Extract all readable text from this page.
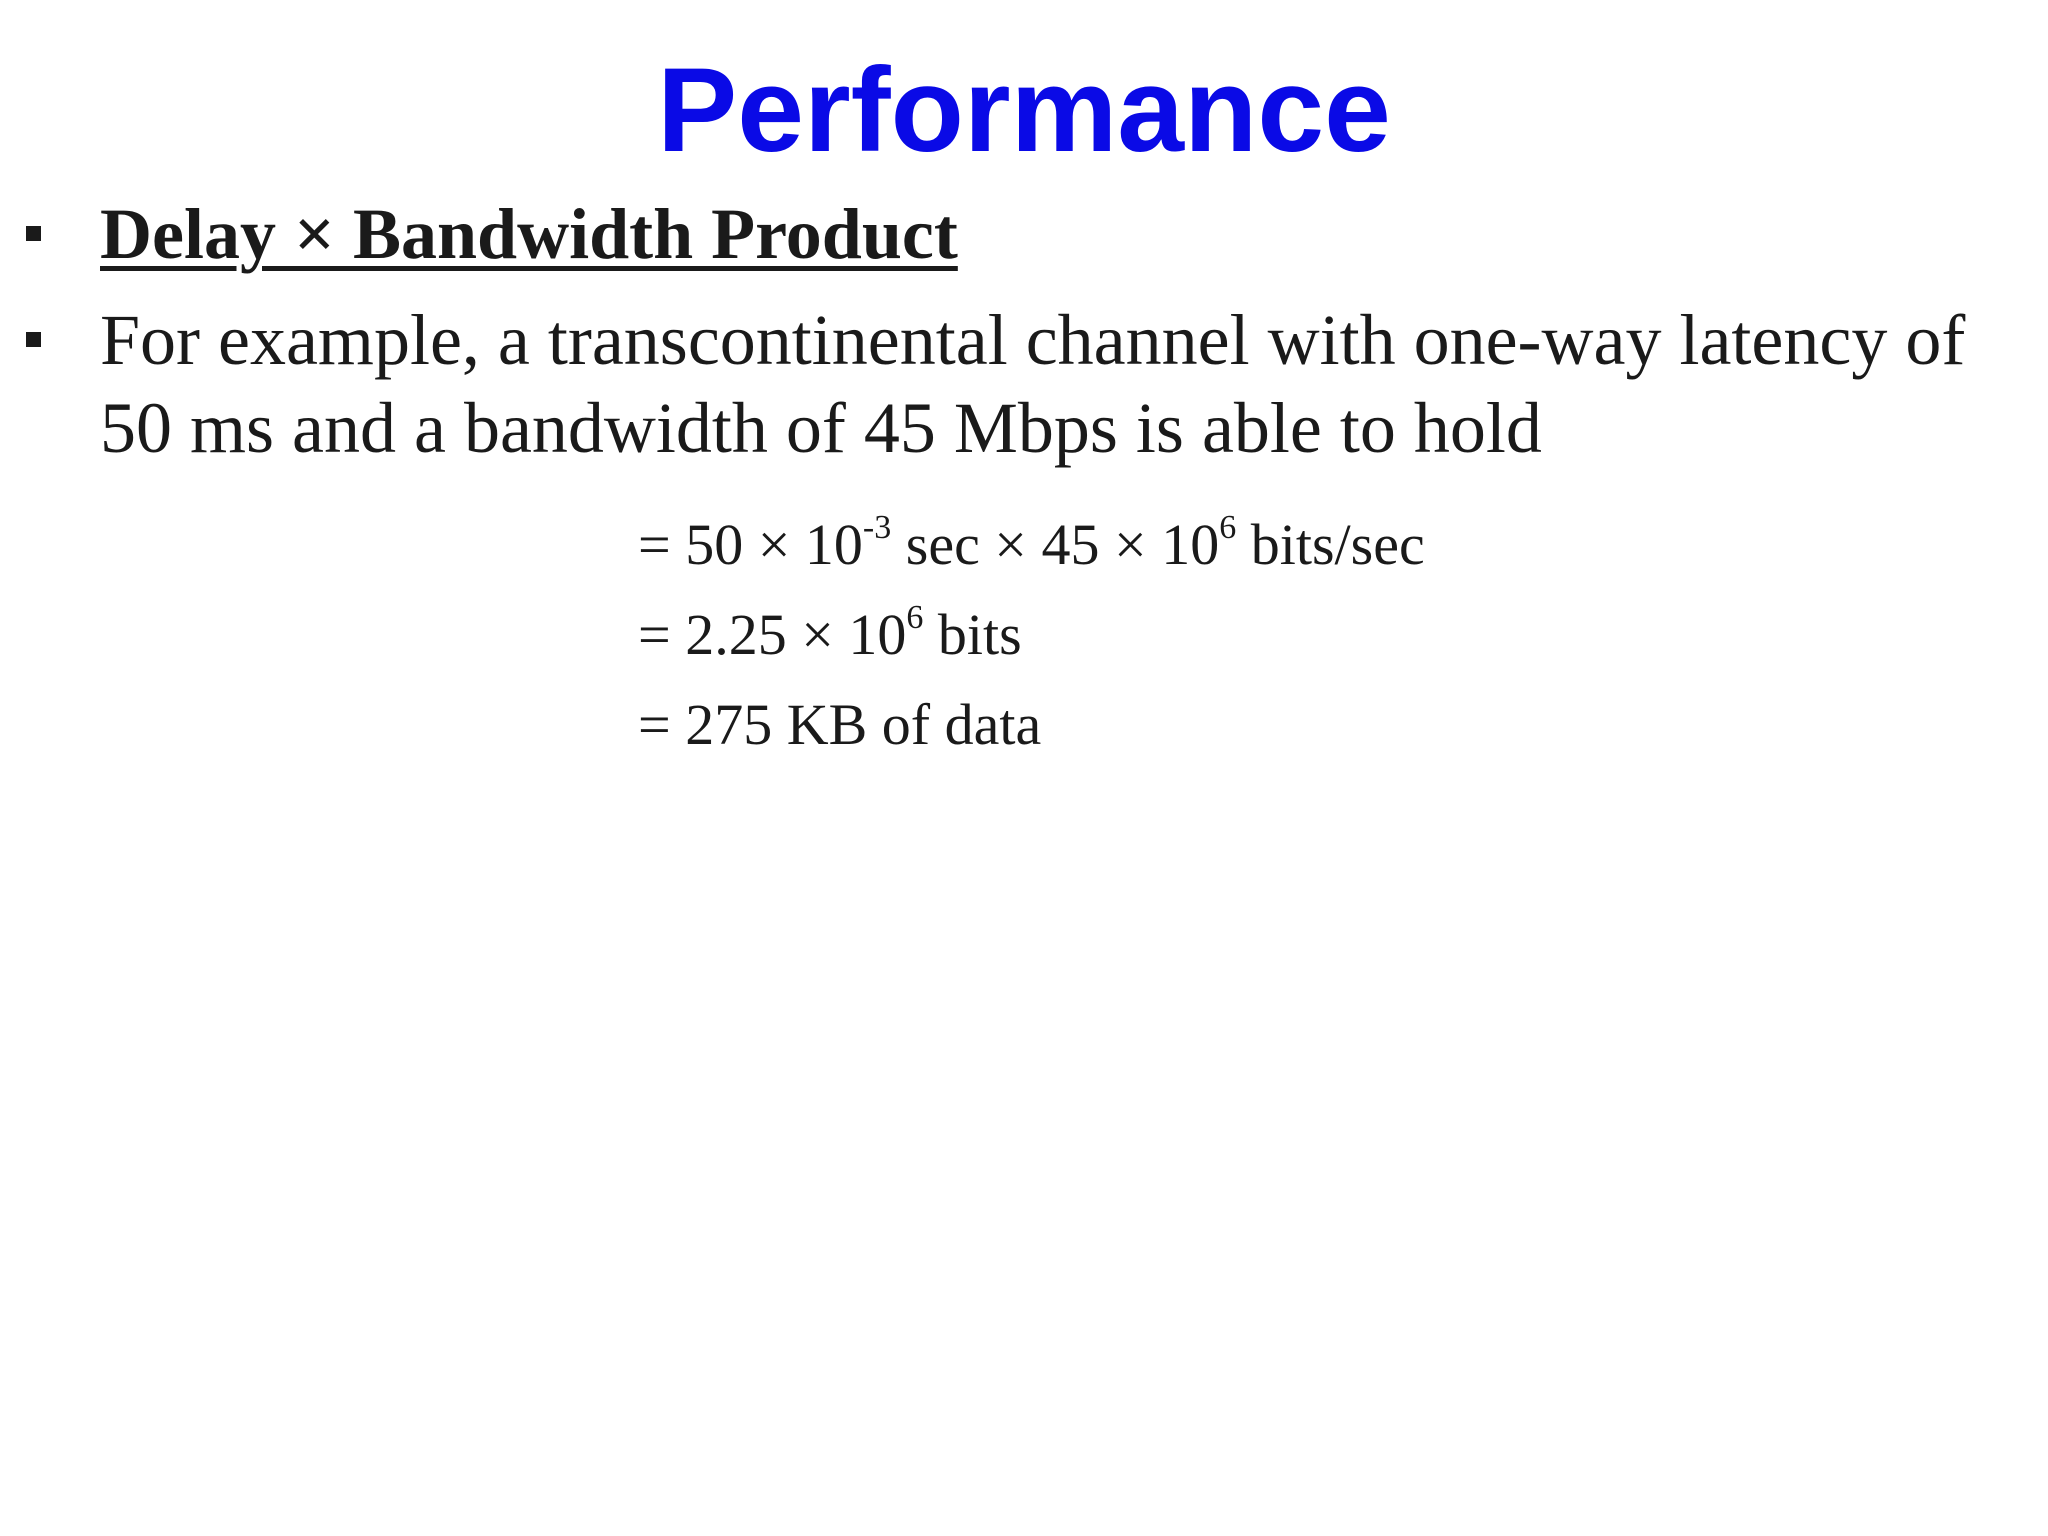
Performance
Delay × Bandwidth Product
For example, a transcontinental channel with one-way latency of 50 ms and a bandwidth of 45 Mbps is able to hold
= $50 \times 10^{-3}$ $\sec \times 45 \times 10^6$ bits/sec
= $2.25 \times 10^6$ bits
= 275 KB of data
